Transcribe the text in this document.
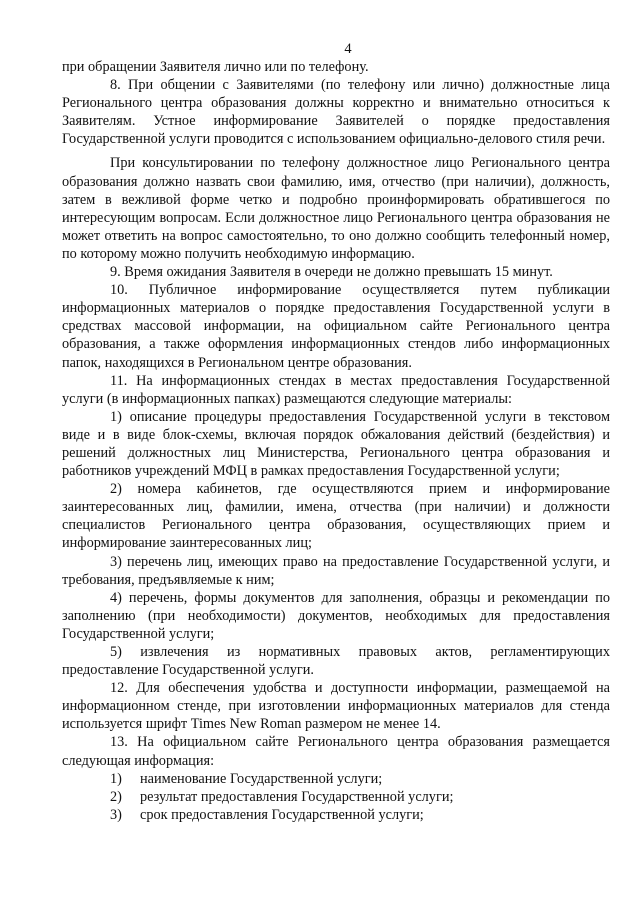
4

при обращении Заявителя лично или по телефону.

8. При общении с Заявителями (по телефону или лично) должностные лица Регионального центра образования должны корректно и внимательно относиться к Заявителям. Устное информирование Заявителей о порядке предоставления Государственной услуги проводится с использованием официально-делового стиля речи.

При консультировании по телефону должностное лицо Регионального центра образования должно назвать свои фамилию, имя, отчество (при наличии), должность, затем в вежливой форме четко и подробно проинформировать обратившегося по интересующим вопросам. Если должностное лицо Регионального центра образования не может ответить на вопрос самостоятельно, то оно должно сообщить телефонный номер, по которому можно получить необходимую информацию.

9. Время ожидания Заявителя в очереди не должно превышать 15 минут.

10. Публичное информирование осуществляется путем публикации информационных материалов о порядке предоставления Государственной услуги в средствах массовой информации, на официальном сайте Регионального центра образования, а также оформления информационных стендов либо информационных папок, находящихся в Региональном центре образования.

11. На информационных стендах в местах предоставления Государственной услуги (в информационных папках) размещаются следующие материалы:

1) описание процедуры предоставления Государственной услуги в текстовом виде и в виде блок-схемы, включая порядок обжалования действий (бездействия) и решений должностных лиц Министерства, Регионального центра образования и работников учреждений МФЦ в рамках предоставления Государственной услуги;

2) номера кабинетов, где осуществляются прием и информирование заинтересованных лиц, фамилии, имена, отчества (при наличии) и должности специалистов Регионального центра образования, осуществляющих прием и информирование заинтересованных лиц;

3) перечень лиц, имеющих право на предоставление Государственной услуги, и требования, предъявляемые к ним;

4) перечень, формы документов для заполнения, образцы и рекомендации по заполнению (при необходимости) документов, необходимых для предоставления Государственной услуги;

5) извлечения из нормативных правовых актов, регламентирующих предоставление Государственной услуги.

12. Для обеспечения удобства и доступности информации, размещаемой на информационном стенде, при изготовлении информационных материалов для стенда используется шрифт Times New Roman размером не менее 14.

13. На официальном сайте Регионального центра образования размещается следующая информация:

1)	наименование Государственной услуги;
2)	результат предоставления Государственной услуги;
3)	срок предоставления Государственной услуги;
